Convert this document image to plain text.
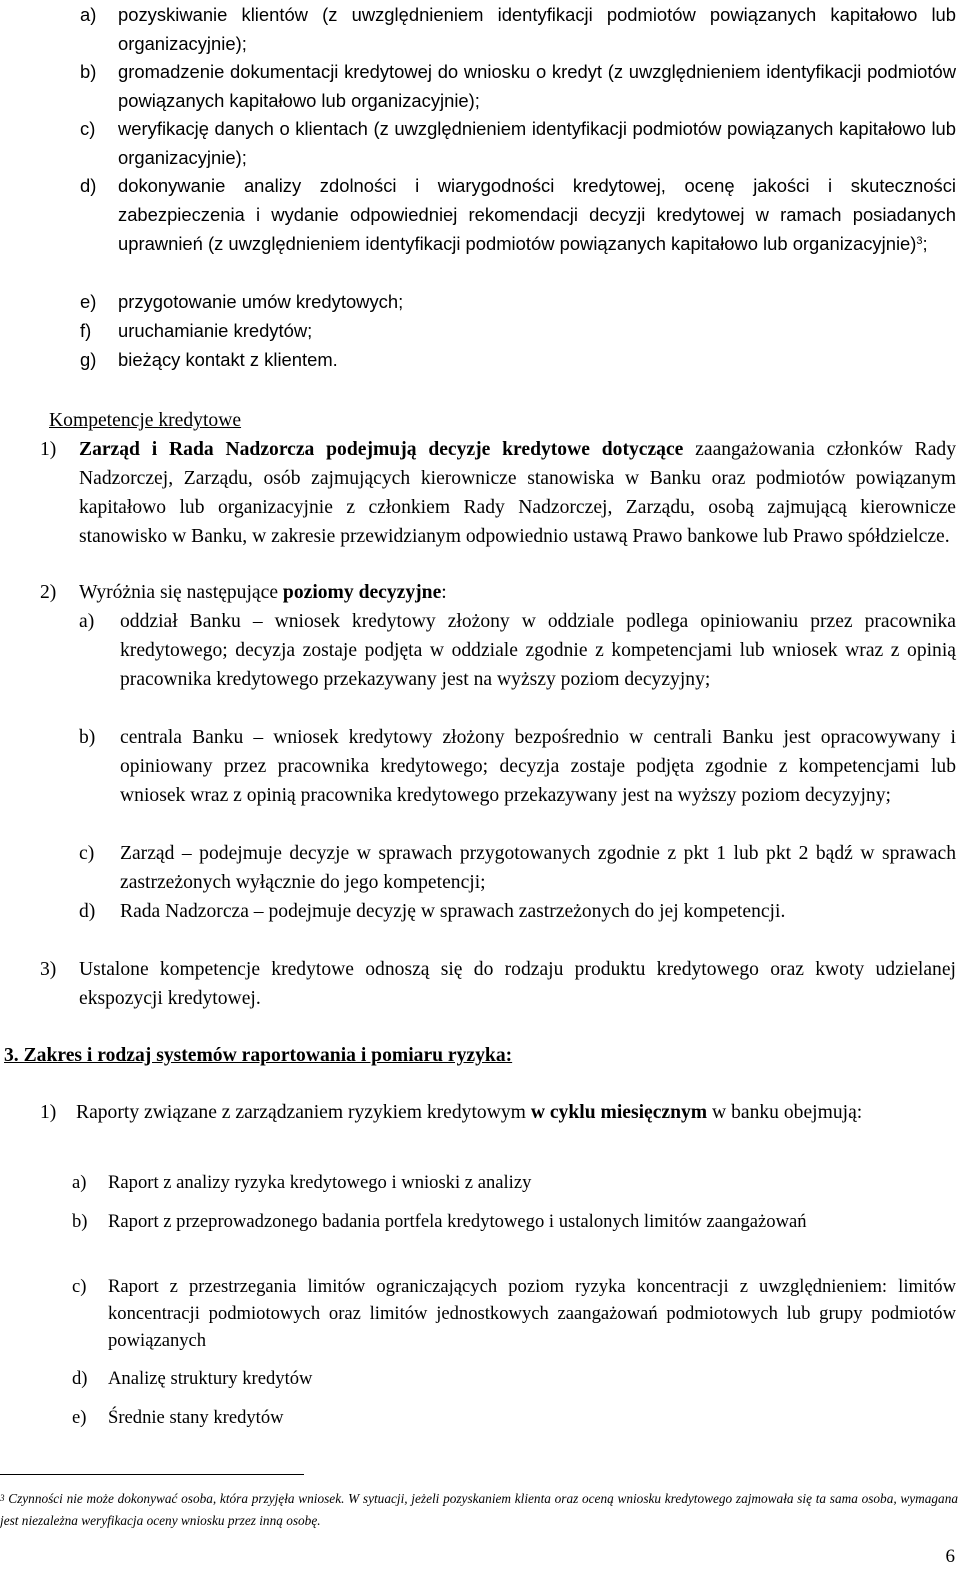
a) pozyskiwanie klientów (z uwzględnieniem identyfikacji podmiotów powiązanych kapitałowo lub organizacyjnie);
b) gromadzenie dokumentacji kredytowej do wniosku o kredyt (z uwzględnieniem identyfikacji podmiotów powiązanych kapitałowo lub organizacyjnie);
c) weryfikację danych o klientach (z uwzględnieniem identyfikacji podmiotów powiązanych kapitałowo lub organizacyjnie);
d) dokonywanie analizy zdolności i wiarygodności kredytowej, ocenę jakości i skuteczności zabezpieczenia i wydanie odpowiedniej rekomendacji decyzji kredytowej w ramach posiadanych uprawnień (z uwzględnieniem identyfikacji podmiotów powiązanych kapitałowo lub organizacyjnie)$^3$;
e) przygotowanie umów kredytowych;
f) uruchamianie kredytów;
g) bieżący kontakt z klientem.
Kompetencje kredytowe
1) Zarząd i Rada Nadzorcza podejmują decyzje kredytowe dotyczące zaangażowania członków Rady Nadzorczej, Zarządu, osób zajmujących kierownicze stanowiska w Banku oraz podmiotów powiązanym kapitałowo lub organizacyjnie z członkiem Rady Nadzorczej, Zarządu, osobą zajmującą kierownicze stanowisko w Banku, w zakresie przewidzianym odpowiednio ustawą Prawo bankowe lub Prawo spółdzielcze.
2) Wyróżnia się następujące poziomy decyzyjne:
a) oddział Banku – wniosek kredytowy złożony w oddziale podlega opiniowaniu przez pracownika kredytowego; decyzja zostaje podjęta w oddziale zgodnie z kompetencjami lub wniosek wraz z opinią pracownika kredytowego przekazywany jest na wyższy poziom decyzyjny;
b) centrala Banku – wniosek kredytowy złożony bezpośrednio w centrali Banku jest opracowywany i opiniowany przez pracownika kredytowego; decyzja zostaje podjęta zgodnie z kompetencjami lub wniosek wraz z opinią pracownika kredytowego przekazywany jest na wyższy poziom decyzyjny;
c) Zarząd – podejmuje decyzje w sprawach przygotowanych zgodnie z pkt 1 lub pkt 2 bądź w sprawach zastrzeżonych wyłącznie do jego kompetencji;
d) Rada Nadzorcza – podejmuje decyzję w sprawach zastrzeżonych do jej kompetencji.
3) Ustalone kompetencje kredytowe odnoszą się do rodzaju produktu kredytowego oraz kwoty udzielanej ekspozycji kredytowej.
3. Zakres i rodzaj systemów raportowania i pomiaru ryzyka:
1) Raporty związane z zarządzaniem ryzykiem kredytowym w cyklu miesięcznym w banku obejmują:
a) Raport z analizy ryzyka kredytowego i wnioski z analizy
b) Raport z przeprowadzonego badania portfela kredytowego i ustalonych limitów zaangażowań
c) Raport z przestrzegania limitów ograniczających poziom ryzyka koncentracji z uwzględnieniem: limitów koncentracji podmiotowych oraz limitów jednostkowych zaangażowań podmiotowych lub grupy podmiotów powiązanych
d) Analizę struktury kredytów
e) Średnie stany kredytów
$^3$ Czynności nie może dokonywać osoba, która przyjęła wniosek. W sytuacji, jeżeli pozyskaniem klienta oraz oceną wniosku kredytowego zajmowała się ta sama osoba, wymagana jest niezależna weryfikacja oceny wniosku przez inną osobę.
6
